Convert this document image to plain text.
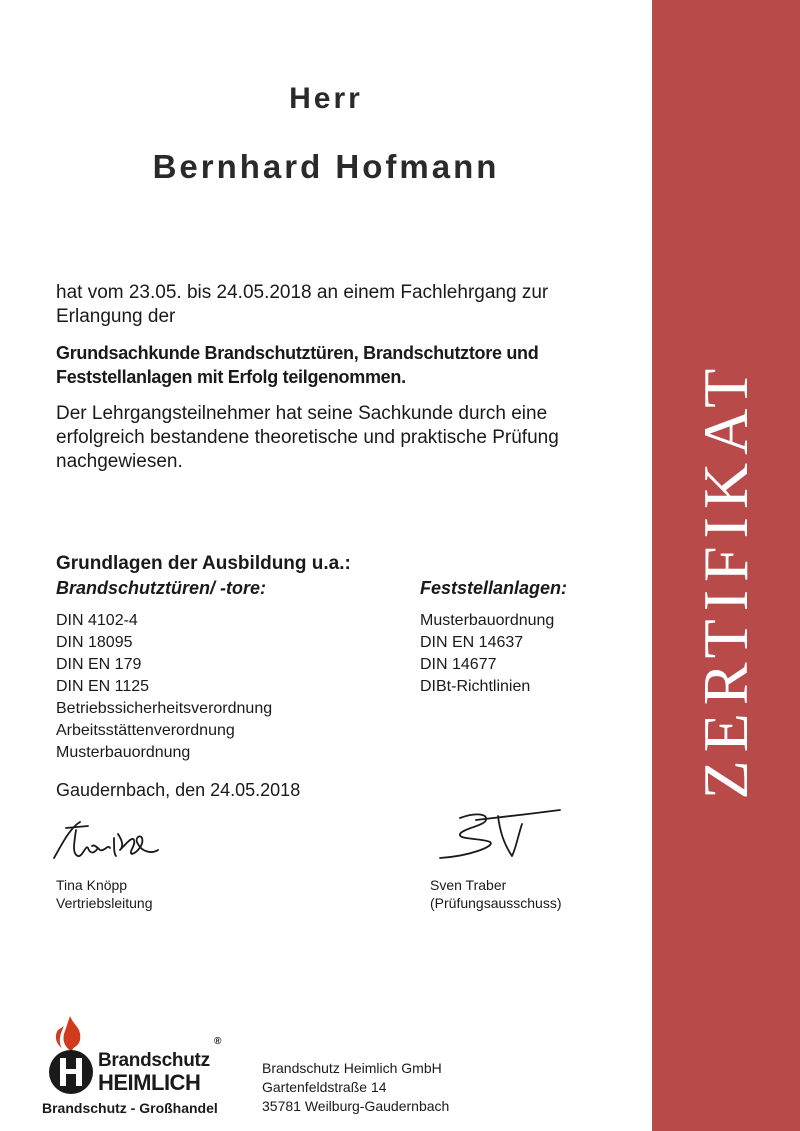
ZERTIFIKAT
Herr
Bernhard Hofmann
hat vom 23.05. bis 24.05.2018 an einem Fachlehrgang zur
Erlangung der
Grundsachkunde Brandschutztüren, Brandschutztore und
Feststellanlagen mit Erfolg teilgenommen.
Der Lehrgangsteilnehmer hat seine Sachkunde durch eine
erfolgreich bestandene theoretische und praktische Prüfung
nachgewiesen.
Grundlagen der Ausbildung u.a.:
Brandschutztüren/ -tore:	Feststellanlagen:
DIN 4102-4
DIN 18095
DIN EN 179
DIN EN 1125
Betriebssicherheitsverordnung
Arbeitsstättenverordnung
Musterbauordnung
Musterbauordnung
DIN EN 14637
DIN 14677
DIBt-Richtlinien
Gaudernbach, den 24.05.2018
Tina Knöpp
Vertriebsleitung
Sven Traber
(Prüfungsausschuss)
Brandschutz
®
HEIMLICH
Brandschutz - Großhandel
Brandschutz Heimlich GmbH
Gartenfeldstraße 14
35781 Weilburg-Gaudernbach
